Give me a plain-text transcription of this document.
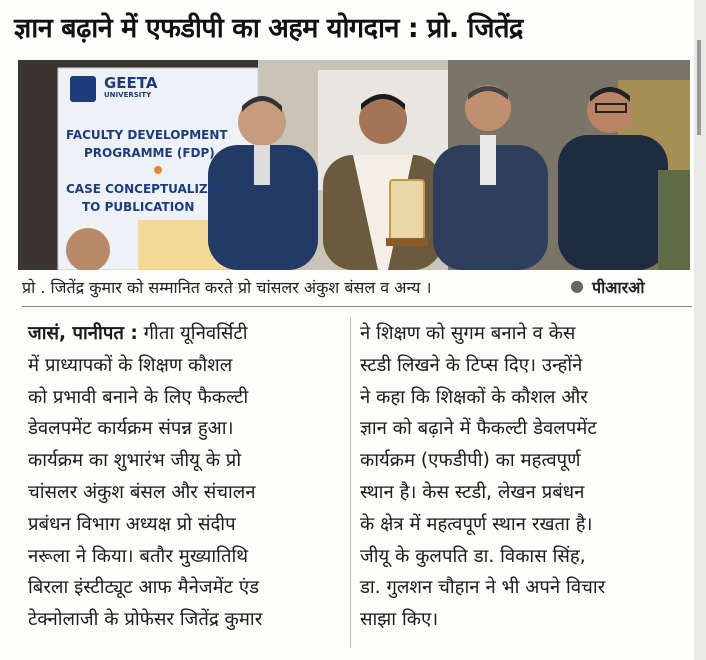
ज्ञान बढ़ाने में एफडीपी का अहम योगदान : प्रो. जितेंद्र
GEETA
UNIVERSITY
FACULTY DEVELOPMENT
PROGRAMME (FDP)
CASE CONCEPTUALIZA
TO PUBLICATION
प्रो . जितेंद्र कुमार को सम्मानित करते प्रो चांसलर अंकुश बंसल व अन्य ।	● पीआरओ
जासं, पानीपत : गीता यूनिवर्सिटी
में प्राध्यापकों के शिक्षण कौशल
को प्रभावी बनाने के लिए फैकल्टी
डेवलपमेंट कार्यक्रम संपन्न हुआ।
कार्यक्रम का शुभारंभ जीयू के प्रो
चांसलर अंकुश बंसल और संचालन
प्रबंधन विभाग अध्यक्ष प्रो संदीप
नरूला ने किया। बतौर मुख्यातिथि
बिरला इंस्टीट्यूट आफ मैनेजमेंट एंड
टेक्नोलाजी के प्रोफेसर जितेंद्र कुमार
ने शिक्षण को सुगम बनाने व केस
स्टडी लिखने के टिप्स दिए। उन्होंने
ने कहा कि शिक्षकों के कौशल और
ज्ञान को बढ़ाने में फैकल्टी डेवलपमेंट
कार्यक्रम (एफडीपी) का महत्वपूर्ण
स्थान है। केस स्टडी, लेखन प्रबंधन
के क्षेत्र में महत्वपूर्ण स्थान रखता है।
जीयू के कुलपति डा. विकास सिंह,
डा. गुलशन चौहान ने भी अपने विचार
साझा किए।
